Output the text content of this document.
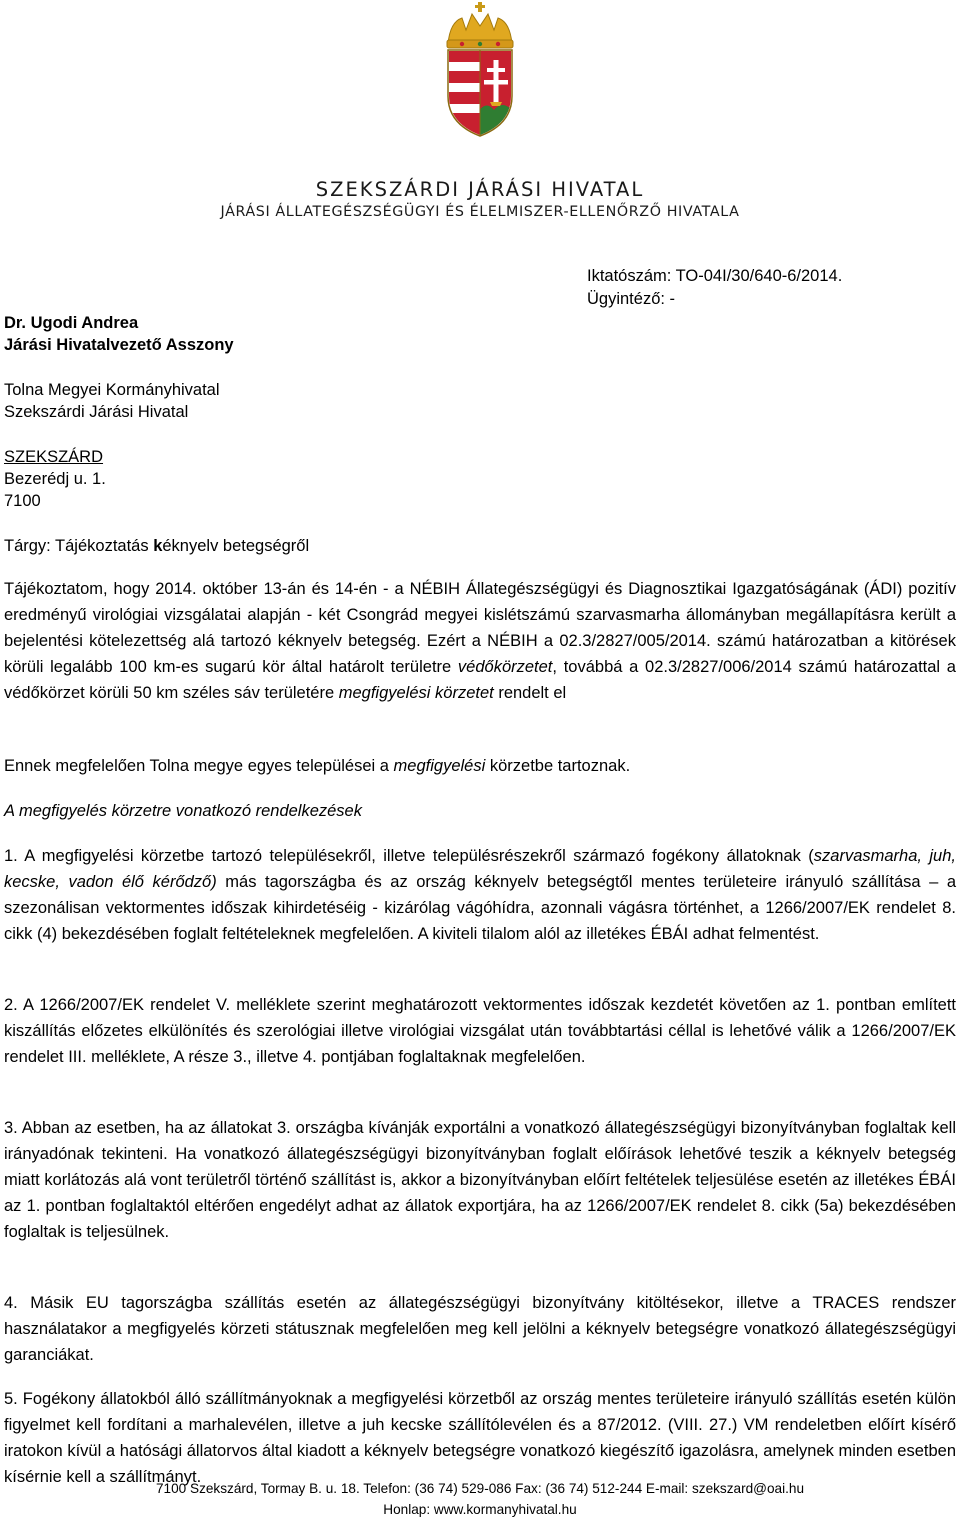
SZEKSZÁRDI JÁRÁSI HIVATAL
JÁRÁSI ÁLLATEGÉSZSÉGÜGYI ÉS ÉLELMISZER-ELLENŐRZŐ HIVATALA
Iktatószám: TO-04I/30/640-6/2014.
Ügyintéző: -
Dr. Ugodi Andrea
Járási Hivatalvezető Asszony
Tolna Megyei Kormányhivatal
Szekszárdi Járási Hivatal
SZEKSZÁRD
Bezerédj u. 1.
7100
Tárgy: Tájékoztatás kéknyelv betegségről

Tájékoztatom, hogy 2014. október 13-án és 14-én - a NÉBIH Állategészségügyi és Diagnosztikai Igazgatóságának (ÁDI) pozitív eredményű virológiai vizsgálatai alapján - két Csongrád megyei kislétszámú szarvasmarha állományban megállapításra került a bejelentési kötelezettség alá tartozó kéknyelv betegség. Ezért a NÉBIH a 02.3/2827/005/2014. számú határozatban a kitörések körüli legalább 100 km-es sugarú kör által határolt területre védőkörzetet, továbbá a 02.3/2827/006/2014 számú határozattal a védőkörzet körüli 50 km széles sáv területére megfigyelési körzetet rendelt el

Ennek megfelelően Tolna megye egyes települései a megfigyelési körzetbe tartoznak.
A megfigyelés körzetre vonatkozó rendelkezések

1. A megfigyelési körzetbe tartozó településekről, illetve településrészekről származó fogékony állatoknak (szarvasmarha, juh, kecske, vadon élő kérődző) más tagországba és az ország kéknyelv betegségtől mentes területeire irányuló szállítása – a szezonálisan vektormentes időszak kihirdetéséig - kizárólag vágóhídra, azonnali vágásra történhet, a 1266/2007/EK rendelet 8. cikk (4) bekezdésében foglalt feltételeknek megfelelően. A kiviteli tilalom alól az illetékes ÉBÁI adhat felmentést.

2. A 1266/2007/EK rendelet V. melléklete szerint meghatározott vektormentes időszak kezdetét követően az 1. pontban említett kiszállítás előzetes elkülönítés és szerológiai illetve virológiai vizsgálat után továbbtartási céllal is lehetővé válik a 1266/2007/EK rendelet III. melléklete, A része 3., illetve 4. pontjában foglaltaknak megfelelően.

3. Abban az esetben, ha az állatokat 3. országba kívánják exportálni a vonatkozó állategészségügyi bizonyítványban foglaltak kell irányadónak tekinteni. Ha vonatkozó állategészségügyi bizonyítványban foglalt előírások lehetővé teszik a kéknyelv betegség miatt korlátozás alá vont területről történő szállítást is, akkor a bizonyítványban előírt feltételek teljesülése esetén az illetékes ÉBÁI az 1. pontban foglaltaktól eltérően engedélyt adhat az állatok exportjára, ha az 1266/2007/EK rendelet 8. cikk (5a) bekezdésében foglaltak is teljesülnek.

4. Másik EU tagországba szállítás esetén az állategészségügyi bizonyítvány kitöltésekor, illetve a TRACES rendszer használatakor a megfigyelés körzeti státusznak megfelelően meg kell jelölni a kéknyelv betegségre vonatkozó állategészségügyi garanciákat.

5. Fogékony állatokból álló szállítmányoknak a megfigyelési körzetből az ország mentes területeire irányuló szállítás esetén külön figyelmet kell fordítani a marhalevélen, illetve a juh kecske szállítólevélen és a 87/2012. (VIII. 27.) VM rendeletben előírt kísérő iratokon kívül a hatósági állatorvos által kiadott a kéknyelv betegségre vonatkozó kiegészítő igazolásra, amelynek minden esetben kísérnie kell a szállítmányt.

7100 Szekszárd, Tormay B. u. 18. Telefon: (36 74) 529-086 Fax: (36 74) 512-244 E-mail: szekszard@oai.hu
Honlap: www.kormanyhivatal.hu
